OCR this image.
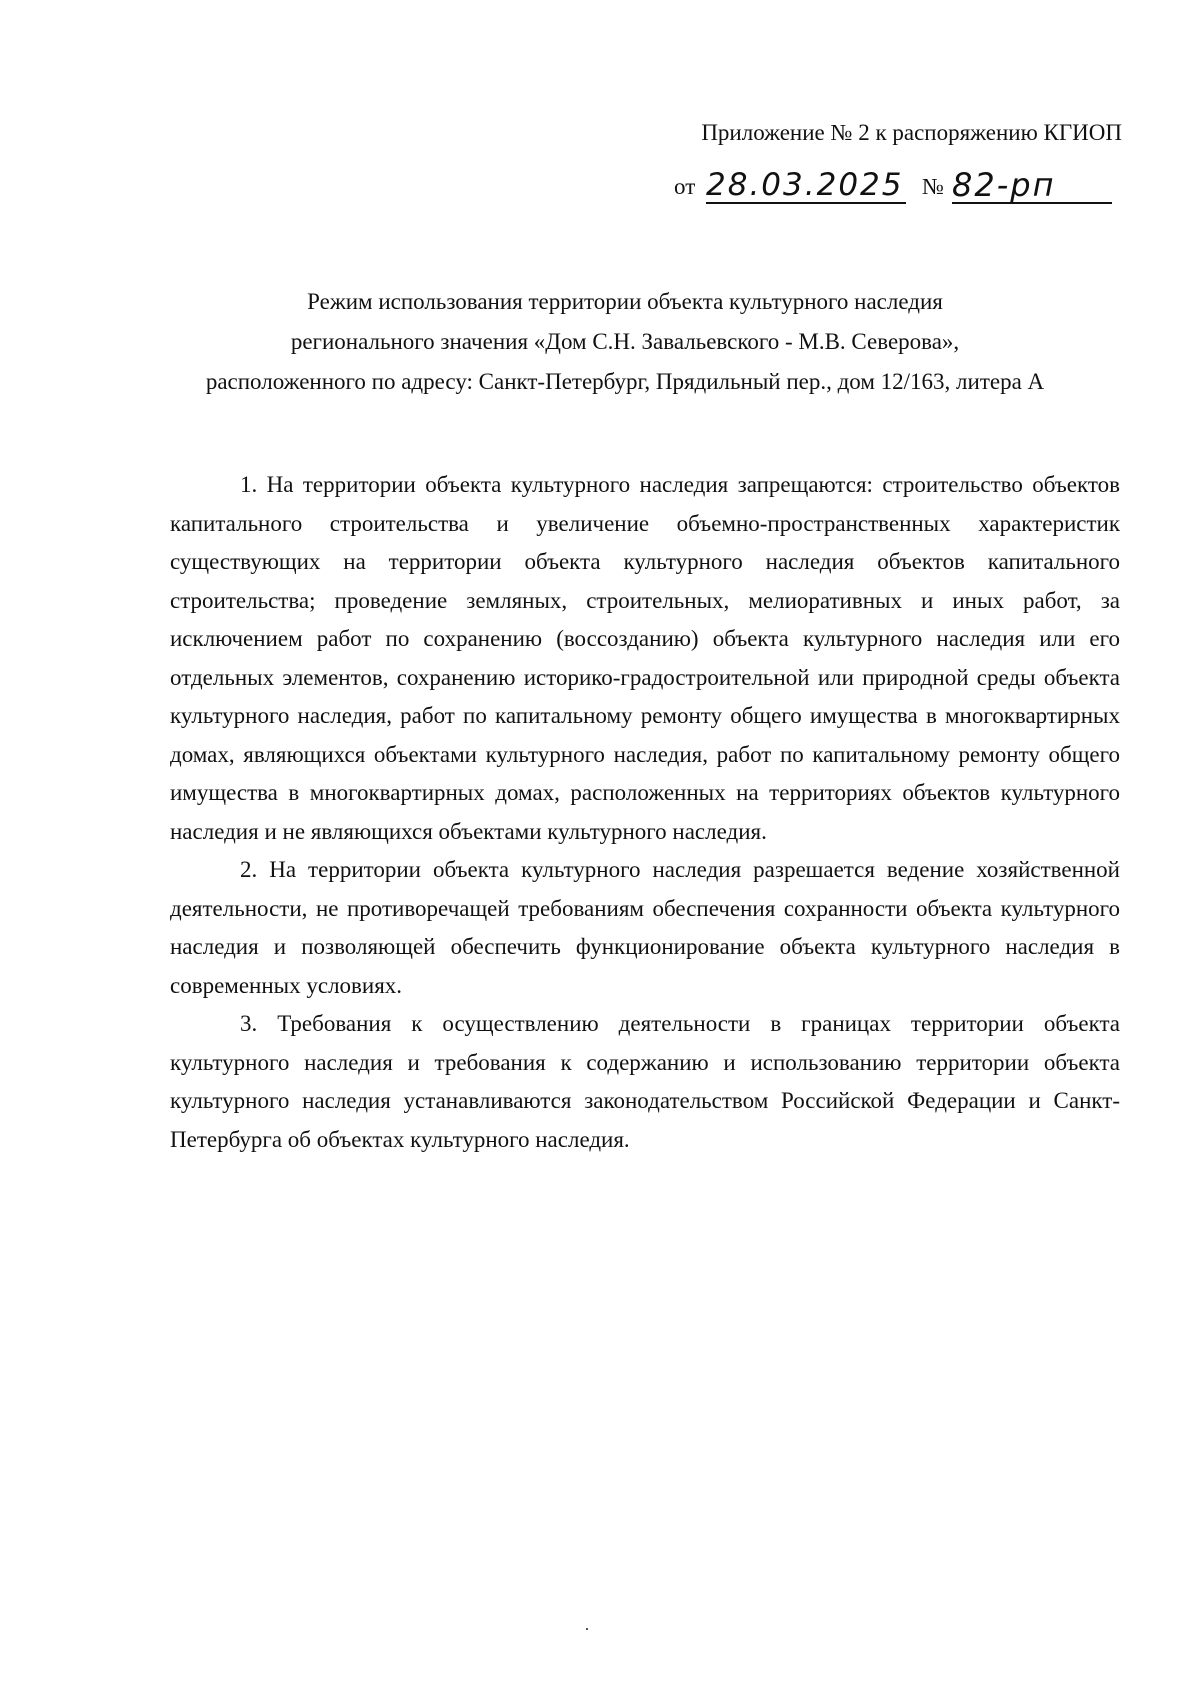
Приложение № 2 к распоряжению КГИОП
от 28.03.2025 № 82-рп
Режим использования территории объекта культурного наследия
регионального значения «Дом С.Н. Завальевского - М.В. Северова»,
расположенного по адресу: Санкт-Петербург, Прядильный пер., дом 12/163, литера А

1. На территории объекта культурного наследия запрещаются: строительство объектов капитального строительства и увеличение объемно-пространственных характеристик существующих на территории объекта культурного наследия объектов капитального строительства; проведение земляных, строительных, мелиоративных и иных работ, за исключением работ по сохранению (воссозданию) объекта культурного наследия или его отдельных элементов, сохранению историко-градостроительной или природной среды объекта культурного наследия, работ по капитальному ремонту общего имущества в многоквартирных домах, являющихся объектами культурного наследия, работ по капитальному ремонту общего имущества в многоквартирных домах, расположенных на территориях объектов культурного наследия и не являющихся объектами культурного наследия.

2. На территории объекта культурного наследия разрешается ведение хозяйственной деятельности, не противоречащей требованиям обеспечения сохранности объекта культурного наследия и позволяющей обеспечить функционирование объекта культурного наследия в современных условиях.

3. Требования к осуществлению деятельности в границах территории объекта культурного наследия и требования к содержанию и использованию территории объекта культурного наследия устанавливаются законодательством Российской Федерации и Санкт-Петербурга об объектах культурного наследия.
